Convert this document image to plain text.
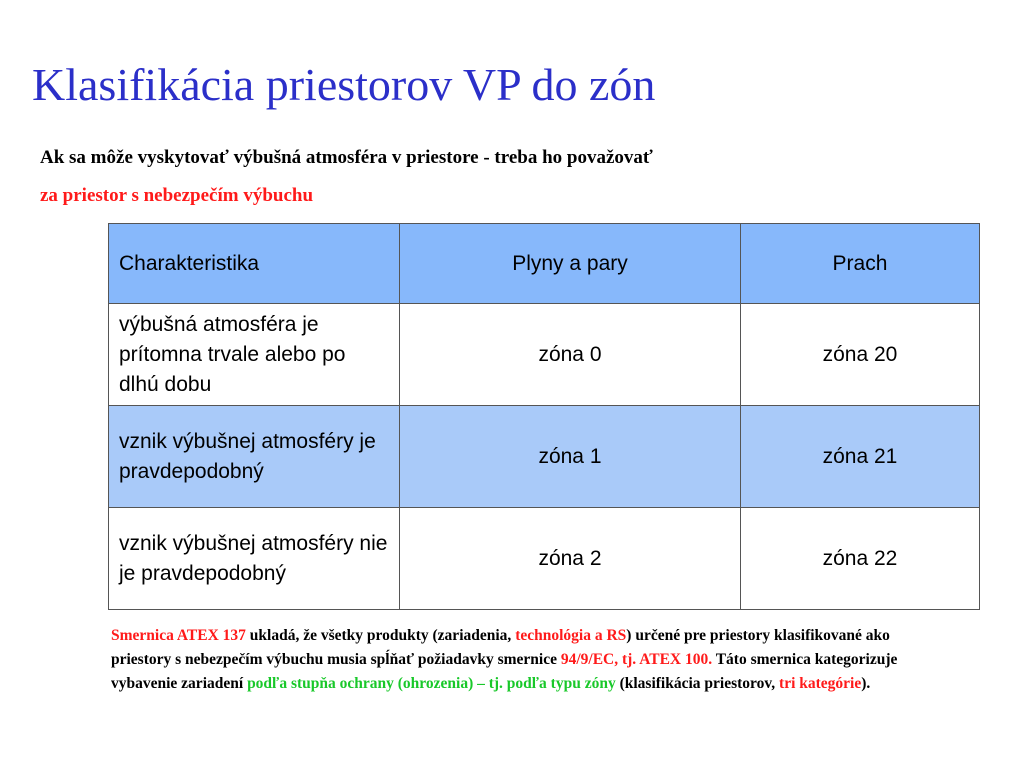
Klasifikácia priestorov VP do zón
Ak sa môže vyskytovať výbušná atmosféra v priestore - treba ho považovať
za priestor s nebezpečím výbuchu
Charakteristika	Plyny a pary	Prach
výbušná atmosféra je prítomna trvale alebo po dlhú dobu	zóna 0	zóna 20
vznik výbušnej atmosféry je pravdepodobný	zóna 1	zóna 21
vznik výbušnej atmosféry nie je pravdepodobný	zóna 2	zóna 22
Smernica ATEX 137 ukladá, že všetky produkty (zariadenia, technológia a RS) určené pre priestory klasifikované ako priestory s nebezpečím výbuchu musia spĺňať požiadavky smernice 94/9/EC, tj. ATEX 100. Táto smernica kategorizuje vybavenie zariadení podľa stupňa ochrany (ohrozenia) – tj. podľa typu zóny (klasifikácia priestorov, tri kategórie).
